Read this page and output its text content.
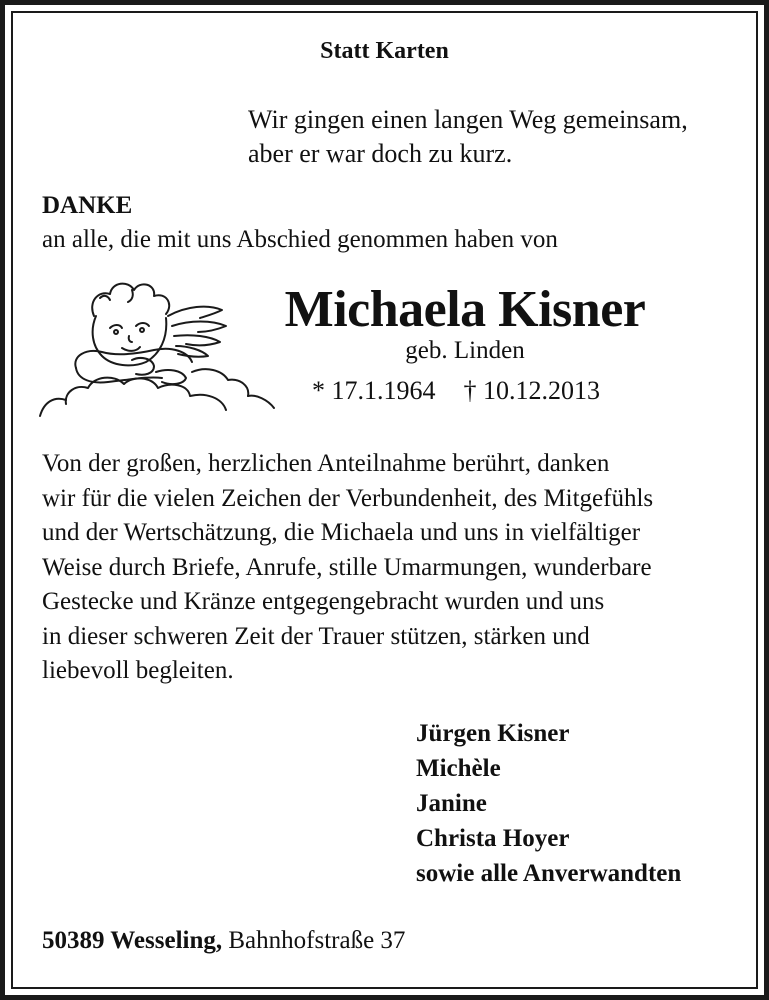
Statt Karten
Wir gingen einen langen Weg gemeinsam,
aber er war doch zu kurz.
DANKE
an alle, die mit uns Abschied genommen haben von
Michaela Kisner
geb. Linden
* 17.1.1964 † 10.12.2013
Von der großen, herzlichen Anteilnahme berührt, danken
wir für die vielen Zeichen der Verbundenheit, des Mitgefühls
und der Wertschätzung, die Michaela und uns in vielfältiger
Weise durch Briefe, Anrufe, stille Umarmungen, wunderbare
Gestecke und Kränze entgegengebracht wurden und uns
in dieser schweren Zeit der Trauer stützen, stärken und
liebevoll begleiten.
Jürgen Kisner
Michèle
Janine
Christa Hoyer
sowie alle Anverwandten
50389 Wesseling, Bahnhofstraße 37
